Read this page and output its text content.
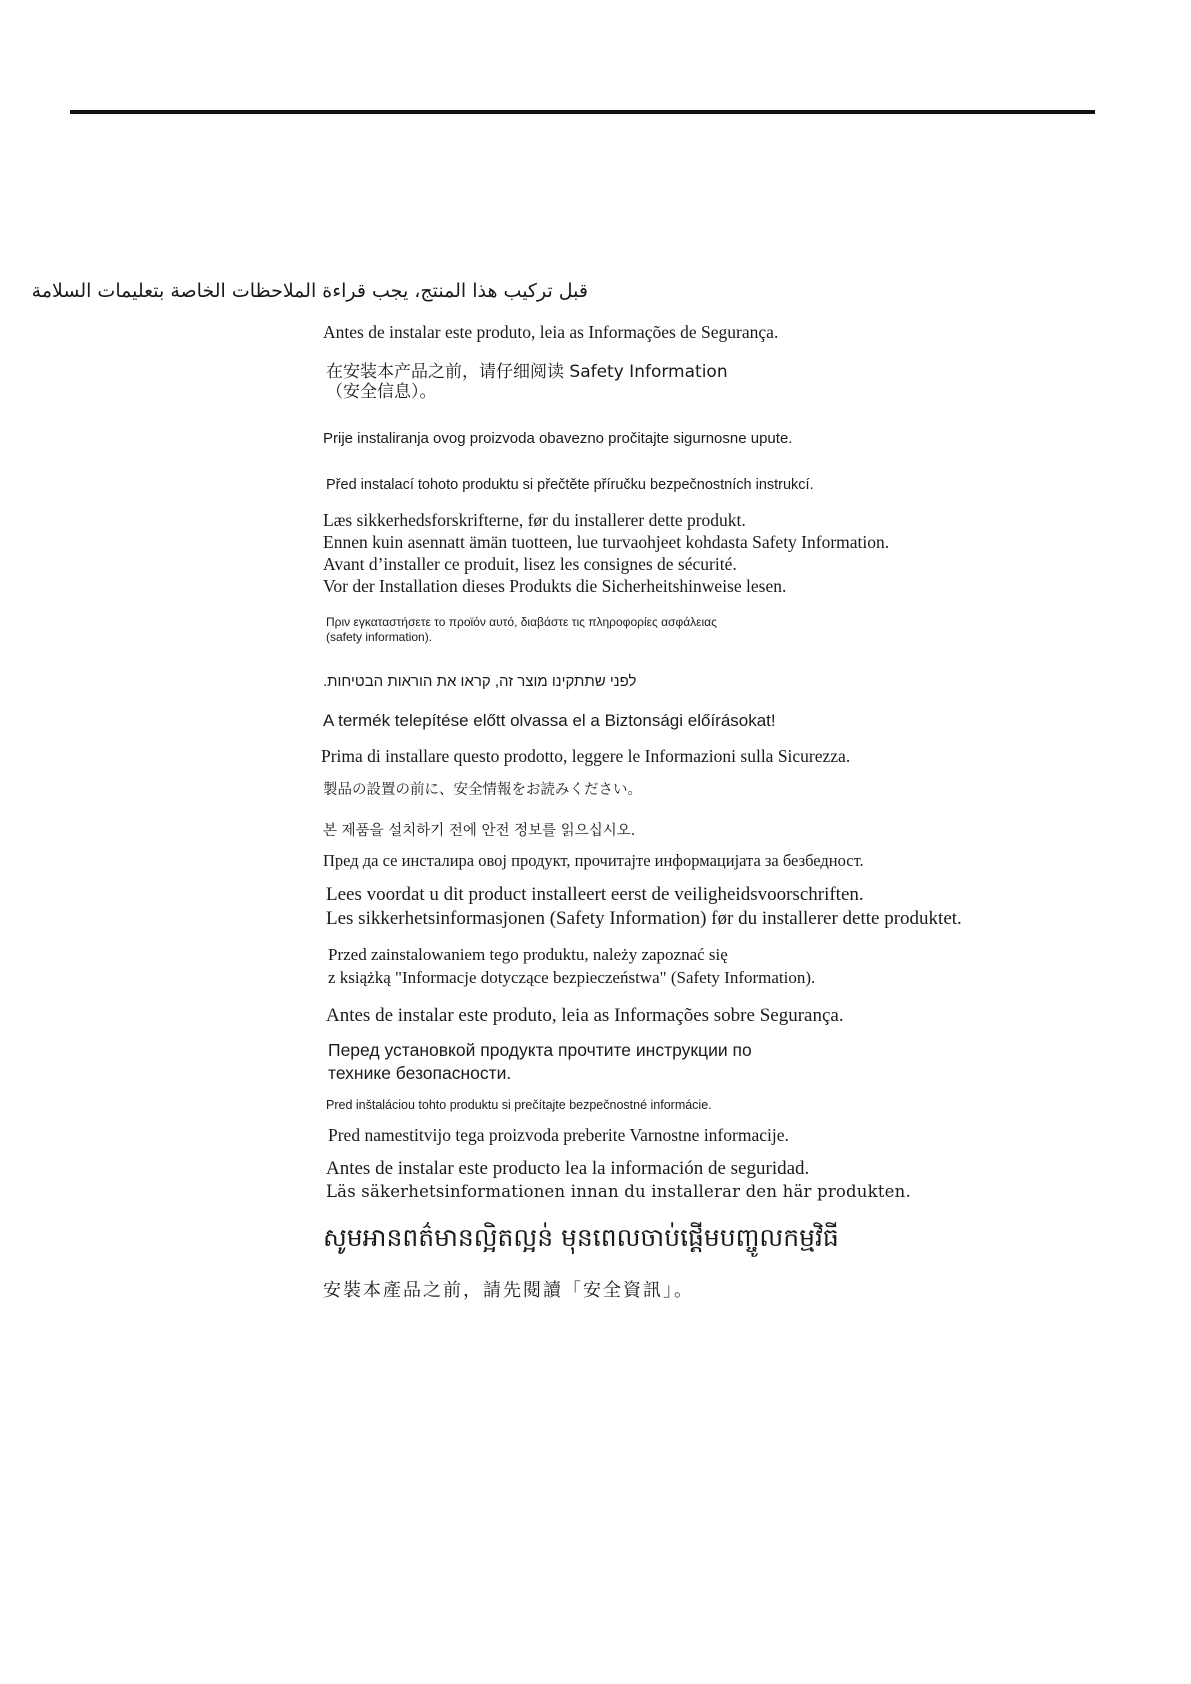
قبل تركيب هذا المنتج، يجب قراءة الملاحظات الخاصة بتعليمات السلامة

Antes de instalar este produto, leia as Informações de Segurança.

在安装本产品之前，请仔细阅读 Safety Information

（安全信息）。

Prije instaliranja ovog proizvoda obavezno pročitajte sigurnosne upute.

Před instalací tohoto produktu si přečtěte příručku bezpečnostních instrukcí.

Læs sikkerhedsforskrifterne, før du installerer dette produkt.

Ennen kuin asennatt ämän tuotteen, lue turvaohjeet kohdasta Safety Information.

Avant d’installer ce produit, lisez les consignes de sécurité.

Vor der Installation dieses Produkts die Sicherheitshinweise lesen.

Πριν εγκαταστήσετε το προϊόν αυτό, διαβάστε τις πληροφορίες ασφάλειας

(safety information).

לפני שתתקינו מוצר זה, קראו את הוראות הבטיחות.

A termék telepítése előtt olvassa el a Biztonsági előírásokat!

Prima di installare questo prodotto, leggere le Informazioni sulla Sicurezza.

製品の設置の前に、安全情報をお読みください。

본 제품을 설치하기 전에 안전 정보를 읽으십시오.

Пред да се инсталира овој продукт, прочитајте информацијата за безбедност.

Lees voordat u dit product installeert eerst de veiligheidsvoorschriften.

Les sikkerhetsinformasjonen (Safety Information) før du installerer dette produktet.

Przed zainstalowaniem tego produktu, należy zapoznać się

z książką "Informacje dotyczące bezpieczeństwa" (Safety Information).

Antes de instalar este produto, leia as Informações sobre Segurança.

Перед установкой продукта прочтите инструкции по

технике безопасности.

Pred inštaláciou tohto produktu si prečítajte bezpečnostné informácie.

Pred namestitvijo tega proizvoda preberite Varnostne informacije.

Antes de instalar este producto lea la información de seguridad.

Läs säkerhetsinformationen innan du installerar den här produkten.

សូមអានពត៌មានល្អិតល្អន់ មុនពេលចាប់ផ្តើមបញ្ចូលកម្មវិធី

安裝本產品之前，請先閱讀「安全資訊」。
